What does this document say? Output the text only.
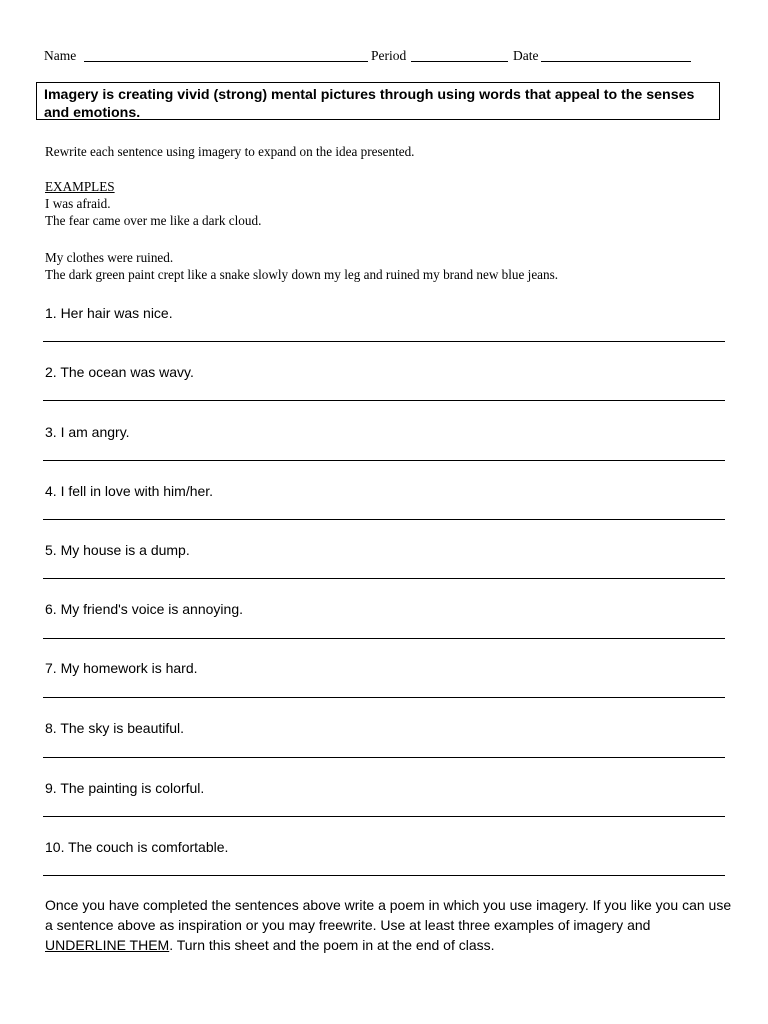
Name	Period	Date
Imagery is creating vivid (strong) mental pictures through using words that appeal to the senses and emotions.
Rewrite each sentence using imagery to expand on the idea presented.
EXAMPLES
I was afraid.
The fear came over me like a dark cloud.
My clothes were ruined.
The dark green paint crept like a snake slowly down my leg and ruined my brand new blue jeans.
1. Her hair was nice.
2. The ocean was wavy.
3. I am angry.
4. I fell in love with him/her.
5. My house is a dump.
6. My friend's voice is annoying.
7. My homework is hard.
8. The sky is beautiful.
9. The painting is colorful.
10. The couch is comfortable.
Once you have completed the sentences above write a poem in which you use imagery. If you like you can use a sentence above as inspiration or you may freewrite. Use at least three examples of imagery and UNDERLINE THEM. Turn this sheet and the poem in at the end of class.
